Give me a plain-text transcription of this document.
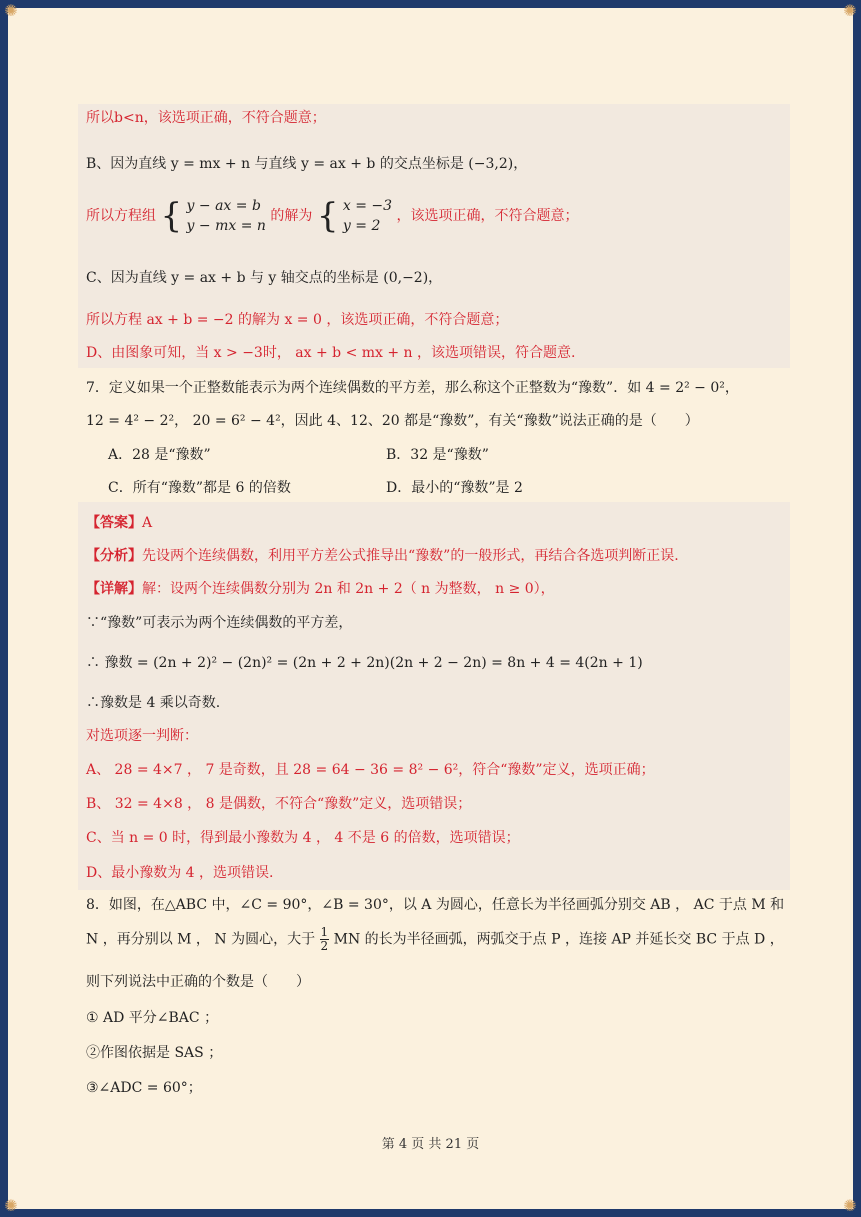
✺	✺
✺	✺
所以b<n，该选项正确，不符合题意；
B、因为直线 y = mx + n 与直线 y = ax + b 的交点坐标是 (−3,2)，
所以方程组 { y − ax = b
y − mx = n 的解为 { x = −3
y = 2 ，该选项正确，不符合题意；
C、因为直线 y = ax + b 与 y 轴交点的坐标是 (0,−2)，
所以方程 ax + b = −2 的解为 x = 0 ，该选项正确，不符合题意；
D、由图象可知，当 x > −3时， ax + b < mx + n ，该选项错误，符合题意.
7．定义如果一个正整数能表示为两个连续偶数的平方差，那么称这个正整数为“豫数”．如 4 = 2² − 0²，
12 = 4² − 2²， 20 = 6² − 4²，因此 4、12、20 都是“豫数”，有关“豫数”说法正确的是（　　）
A．28 是“豫数”	B．32 是“豫数”
C．所有“豫数”都是 6 的倍数	D．最小的“豫数”是 2
【答案】A
【分析】先设两个连续偶数，利用平方差公式推导出“豫数”的一般形式，再结合各选项判断正误.
【详解】解：设两个连续偶数分别为 2n 和 2n + 2（ n 为整数， n ≥ 0），
∵“豫数”可表示为两个连续偶数的平方差，
∴ 豫数 = (2n + 2)² − (2n)² = (2n + 2 + 2n)(2n + 2 − 2n) = 8n + 4 = 4(2n + 1)
∴豫数是 4 乘以奇数.
对选项逐一判断：
A、 28 = 4×7 ， 7 是奇数，且 28 = 64 − 36 = 8² − 6²，符合“豫数”定义，选项正确；
B、 32 = 4×8 ， 8 是偶数，不符合“豫数”定义，选项错误；
C、当 n = 0 时，得到最小豫数为 4 ， 4 不是 6 的倍数，选项错误；
D、最小豫数为 4 ，选项错误.
8．如图，在△ABC 中，∠C = 90°，∠B = 30°，以 A 为圆心，任意长为半径画弧分别交 AB ， AC 于点 M 和
N ，再分别以 M ， N 为圆心，大于 $\frac{1}{2}$ MN 的长为半径画弧，两弧交于点 P ，连接 AP 并延长交 BC 于点 D ，
则下列说法中正确的个数是（　　）
① AD 平分∠BAC ；
②作图依据是 SAS ；
③∠ADC = 60°；
第 4 页 共 21 页
